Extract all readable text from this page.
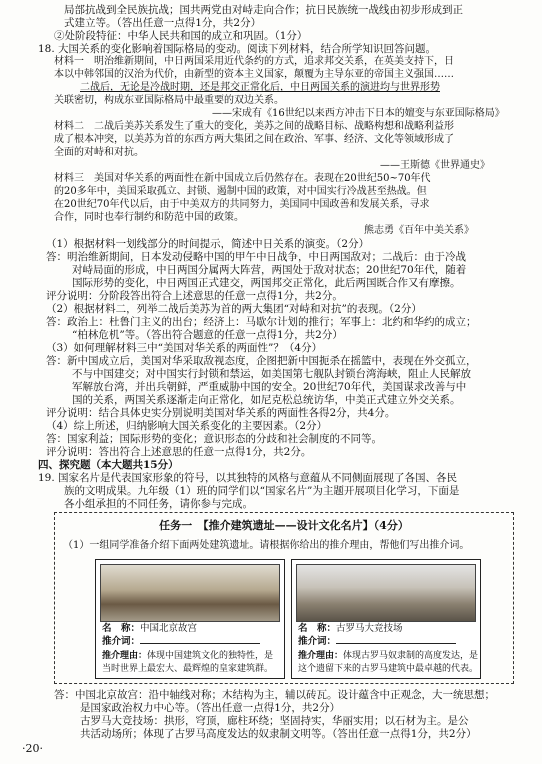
局部抗战到全民族抗战；国共两党由对峙走向合作；抗日民族统一战线由初步形成到正
式建立等。（答出任意一点得1分，共2分）
②处阶段特征：中华人民共和国的成立和巩固。（1分）
18. 大国关系的变化影响着国际格局的变动。阅读下列材料，结合所学知识回答问题。
材料一　明治维新期间，中日两国采用近代条约的方式，追求邦交关系，在英美支持下，日
本以中韩邻国的汉治为代价，由新型的资本主义国家，颠覆为主导东亚的帝国主义强国……
二战后，无论是冷战时期，还是邦交正常化后，中日两国关系的演进均与世界形势
关联密切，构成东亚国际格局中最重要的双边关系。
——宋成有《16世纪以来西方冲击下日本的嬗变与东亚国际格局》
材料二　二战后美苏关系发生了重大的变化，美苏之间的战略目标、战略构想和战略利益形
成了根本冲突，以美苏为首的东西方两大集团之间在政治、军事、经济、文化等领域形成了
全面的对峙和对抗。
——王斯德《世界通史》
材料三　美国对华关系的两面性在新中国成立后仍然存在。表现在20世纪50~70年代
的20多年中，美国采取孤立、封锁、遏制中国的政策，对中国实行冷战甚至热战。但
在20世纪70年代以后，由于中美双方的共同努力，美国同中国政善和发展关系，寻求
合作，同时也奉行制约和防范中国的政策。
熊志勇《百年中美关系》
（1）根据材料一划线部分的时间提示，简述中日关系的演变。（2分）
答：明治维新期间，日本发动侵略中国的甲午中日战争，中日两国敌对；二战后：由于冷战
对峙局面的形成，中日两国分属两大阵营，两国处于敌对状态；20世纪70年代，随着
国际形势的变化，中日两国正式建交，两国邦交正常化，此后两国既合作又有摩擦。
评分说明：分阶段答出符合上述意思的任意一点得1分，共2分。
（2）根据材料二，列举二战后美苏为首的两大集团“对峙和对抗”的表现。（2分）
答：政治上：杜鲁门主义的出台；经济上：马歇尔计划的推行；军事上：北约和华约的成立；
“柏林危机”等。（答出符合题意的任意一点得1分，共2分）
（3）如何理解材料三中“美国对华关系的两面性”？（4分）
答：新中国成立后，美国对华采取敌视态度，企图把新中国扼杀在摇篮中，表现在外交孤立，
不与中国建交；对中国实行封锁和禁运，如美国第七舰队封锁台湾海峡，阻止人民解放
军解放台湾，并出兵朝鲜，严重威胁中国的安全。20世纪70年代，美国谋求改善与中
国的关系，两国关系逐渐走向正常化，如尼克松总统访华，中美正式建立外交关系。
评分说明：结合具体史实分别说明美国对华关系的两面性各得2分，共4分。
任务一　【推介建筑遗址——设计文化名片】（4分）
（1）一组同学准备介绍下面两处建筑遗址。请根据你给出的推介理由，帮他们写出推介词。
名　称：中国北京故宫
推介词：
推介理由：体现中国建筑文化的独特性，是
当时世界上最宏大、最辉煌的皇家建筑群。
名　称：古罗马大竞技场
推介词：
推介理由：体现古罗马奴隶制的高度发达，是
这个遗留下来的古罗马建筑中最卓越的代表。
答：中国北京故宫：沿中轴线对称；木结构为主，辅以砖瓦。设计蕴含中正观念，大一统思想；
是国家政治权力中心等。（答出任意一点得1分，共2分）
古罗马大竞技场：拱形，穹顶，廊柱环绕；坚固持实，华丽实用；以石材为主。是公
共活动场所；体现了古罗马高度发达的奴隶制文明等。（答出任意一点得1分，共2分）
·20·
（4）综上所述，归纳影响大国关系变化的主要因素。（2分）
答：国家利益；国际形势的变化；意识形态的分歧和社会制度的不同等。
评分说明：答出符合上述意思的任意一点得1分，共2分。
四、探究题（本大题共15分）
19. 国家名片是代表国家形象的符号，以其独特的风格与意蕴从不同侧面展现了各国、各民
族的文明成果。九年级（1）班的同学们以“国家名片”为主题开展项目化学习，下面是
各小组承担的不同任务，请你参与完成。
